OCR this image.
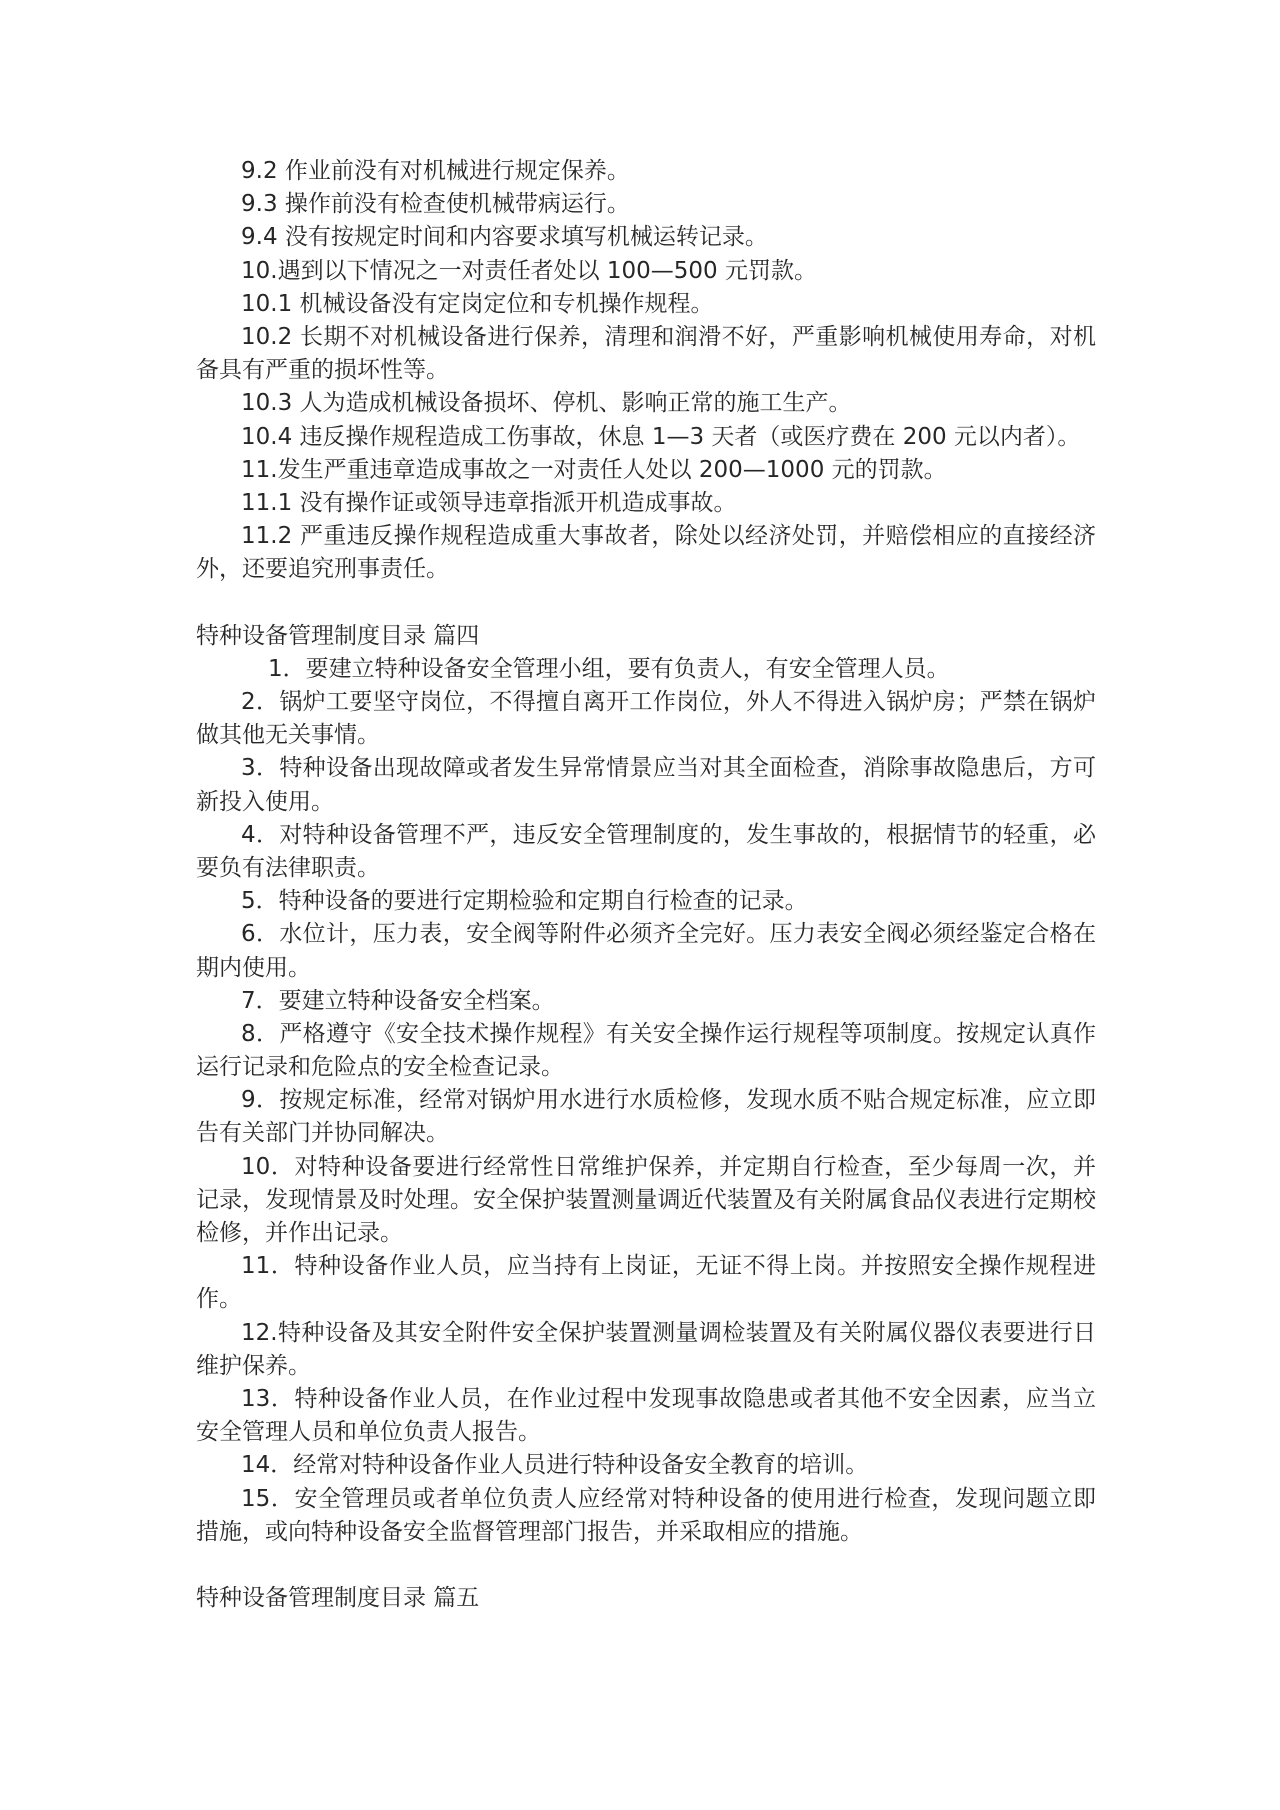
9.2 作业前没有对机械进行规定保养。
9.3 操作前没有检查使机械带病运行。
9.4 没有按规定时间和内容要求填写机械运转记录。
10.遇到以下情况之一对责任者处以 100—500 元罚款。
10.1 机械设备没有定岗定位和专机操作规程。
10.2 长期不对机械设备进行保养，清理和润滑不好，严重影响机械使用寿命，对机
备具有严重的损坏性等。
10.3 人为造成机械设备损坏、停机、影响正常的施工生产。
10.4 违反操作规程造成工伤事故，休息 1—3 天者（或医疗费在 200 元以内者）。
11.发生严重违章造成事故之一对责任人处以 200—1000 元的罚款。
11.1 没有操作证或领导违章指派开机造成事故。
11.2 严重违反操作规程造成重大事故者，除处以经济处罚，并赔偿相应的直接经济
外，还要追究刑事责任。
特种设备管理制度目录 篇四
1．要建立特种设备安全管理小组，要有负责人，有安全管理人员。
2．锅炉工要坚守岗位，不得擅自离开工作岗位，外人不得进入锅炉房；严禁在锅炉
做其他无关事情。
3．特种设备出现故障或者发生异常情景应当对其全面检查，消除事故隐患后，方可
新投入使用。
4．对特种设备管理不严，违反安全管理制度的，发生事故的，根据情节的轻重，必
要负有法律职责。
5．特种设备的要进行定期检验和定期自行检查的记录。
6．水位计，压力表，安全阀等附件必须齐全完好。压力表安全阀必须经鉴定合格在
期内使用。
7．要建立特种设备安全档案。
8．严格遵守《安全技术操作规程》有关安全操作运行规程等项制度。按规定认真作
运行记录和危险点的安全检查记录。
9．按规定标准，经常对锅炉用水进行水质检修，发现水质不贴合规定标准，应立即
告有关部门并协同解决。
10．对特种设备要进行经常性日常维护保养，并定期自行检查，至少每周一次，并
记录，发现情景及时处理。安全保护装置测量调近代装置及有关附属食品仪表进行定期校
检修，并作出记录。
11．特种设备作业人员，应当持有上岗证，无证不得上岗。并按照安全操作规程进
作。
12.特种设备及其安全附件安全保护装置测量调检装置及有关附属仪器仪表要进行日
维护保养。
13．特种设备作业人员，在作业过程中发现事故隐患或者其他不安全因素，应当立
安全管理人员和单位负责人报告。
14．经常对特种设备作业人员进行特种设备安全教育的培训。
15．安全管理员或者单位负责人应经常对特种设备的使用进行检查，发现问题立即
措施，或向特种设备安全监督管理部门报告，并采取相应的措施。
特种设备管理制度目录 篇五
